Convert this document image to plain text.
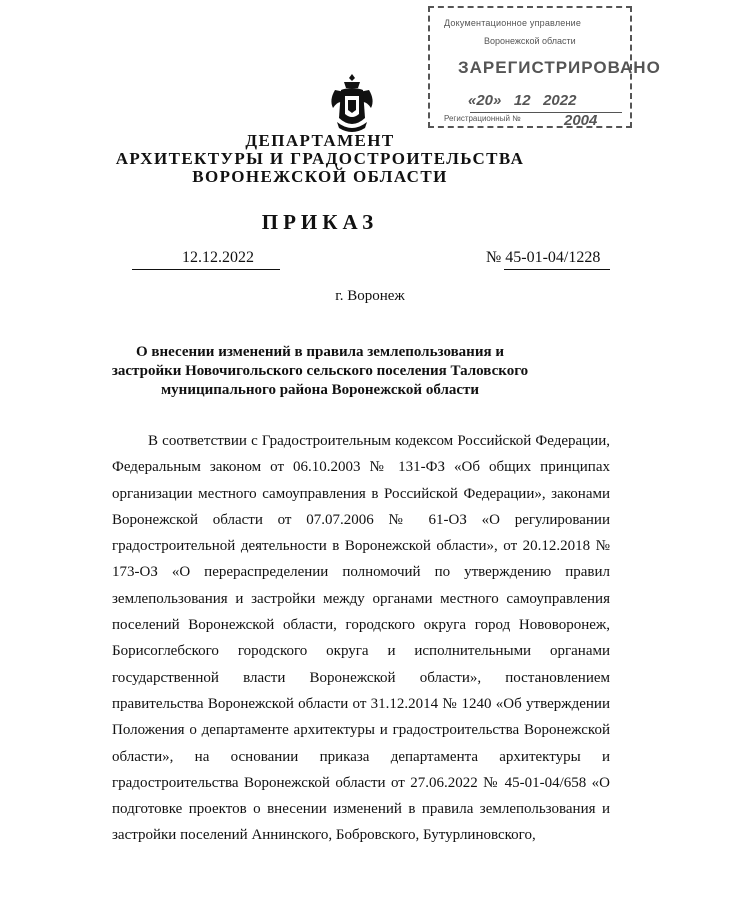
Документационное управление
Воронежской области
ЗАРЕГИСТРИРОВАНО
«20»   12 2022
Регистрационный №	2004
ДЕПАРТАМЕНТ
АРХИТЕКТУРЫ И ГРАДОСТРОИТЕЛЬСТВА
ВОРОНЕЖСКОЙ ОБЛАСТИ
ПРИКАЗ
12.12.2022	№ 45-01-04/1228
г. Воронеж
О внесении изменений в правила землепользования и застройки Новочигольского сельского поселения Таловского муниципального района Воронежской области
В соответствии с Градостроительным кодексом Российской Федерации, Федеральным законом от 06.10.2003 № 131-ФЗ «Об общих принципах организации местного самоуправления в Российской Федерации», законами Воронежской области от 07.07.2006 № 61-ОЗ «О регулировании градостроительной деятельности в Воронежской области», от 20.12.2018 № 173-ОЗ «О перераспределении полномочий по утверждению правил землепользования и застройки между органами местного самоуправления поселений Воронежской области, городского округа город Нововоронеж, Борисоглебского городского округа и исполнительными органами государственной власти Воронежской области», постановлением правительства Воронежской области от 31.12.2014 № 1240 «Об утверждении Положения о департаменте архитектуры и градостроительства Воронежской области», на основании приказа департамента архитектуры и градостроительства Воронежской области от 27.06.2022 № 45-01-04/658 «О подготовке проектов о внесении изменений в правила землепользования и застройки поселений Аннинского, Бобровского, Бутурлиновского,
